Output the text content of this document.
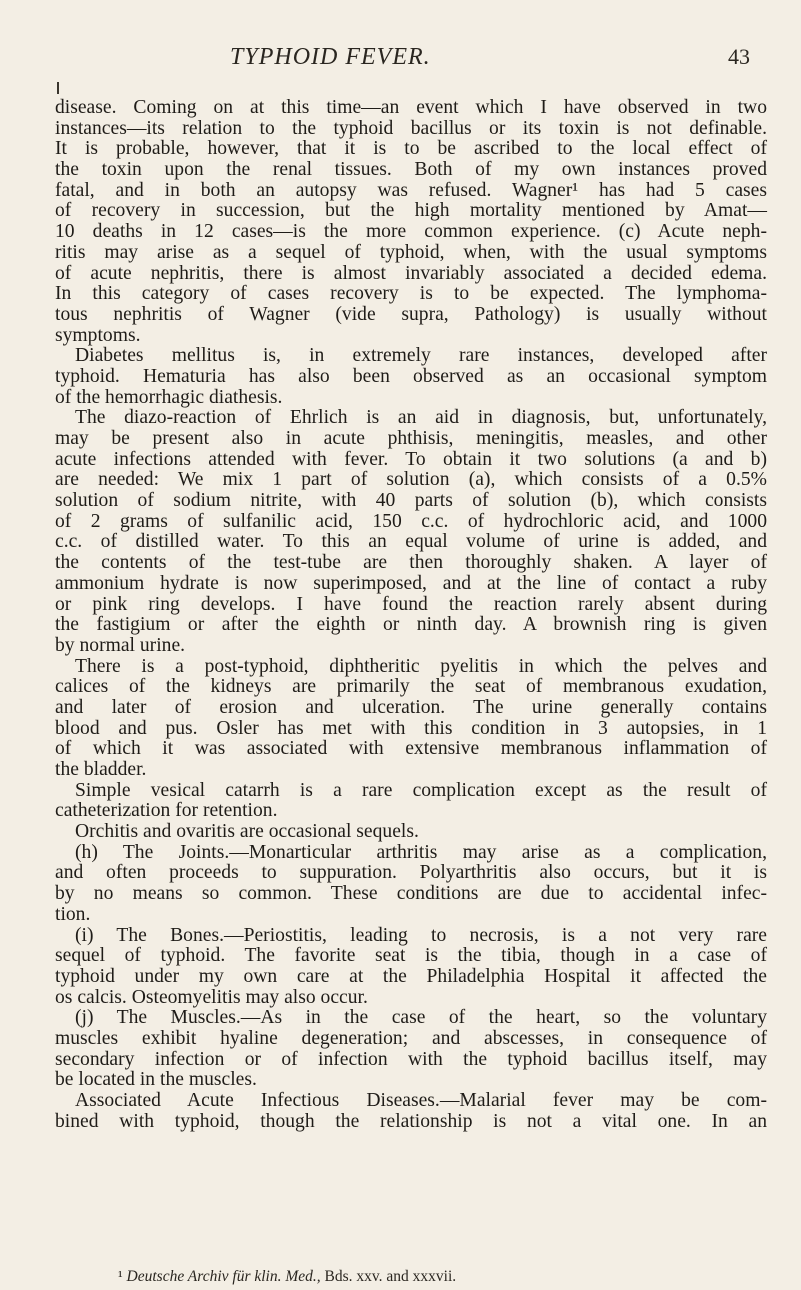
TYPHOID FEVER.	43
disease. Coming on at this time—an event which I have observed in two
instances—its relation to the typhoid bacillus or its toxin is not definable.
It is probable, however, that it is to be ascribed to the local effect of
the toxin upon the renal tissues. Both of my own instances proved
fatal, and in both an autopsy was refused. Wagner¹ has had 5 cases
of recovery in succession, but the high mortality mentioned by Amat—
10 deaths in 12 cases—is the more common experience. (c) Acute neph-
ritis may arise as a sequel of typhoid, when, with the usual symptoms
of acute nephritis, there is almost invariably associated a decided edema.
In this category of cases recovery is to be expected. The lymphoma-
tous nephritis of Wagner (vide supra, Pathology) is usually without
symptoms.
Diabetes mellitus is, in extremely rare instances, developed after
typhoid. Hematuria has also been observed as an occasional symptom
of the hemorrhagic diathesis.
The diazo-reaction of Ehrlich is an aid in diagnosis, but, unfortunately,
may be present also in acute phthisis, meningitis, measles, and other
acute infections attended with fever. To obtain it two solutions (a and b)
are needed: We mix 1 part of solution (a), which consists of a 0.5%
solution of sodium nitrite, with 40 parts of solution (b), which consists
of 2 grams of sulfanilic acid, 150 c.c. of hydrochloric acid, and 1000
c.c. of distilled water. To this an equal volume of urine is added, and
the contents of the test-tube are then thoroughly shaken. A layer of
ammonium hydrate is now superimposed, and at the line of contact a ruby
or pink ring develops. I have found the reaction rarely absent during
the fastigium or after the eighth or ninth day. A brownish ring is given
by normal urine.
There is a post-typhoid, diphtheritic pyelitis in which the pelves and
calices of the kidneys are primarily the seat of membranous exudation,
and later of erosion and ulceration. The urine generally contains
blood and pus. Osler has met with this condition in 3 autopsies, in 1
of which it was associated with extensive membranous inflammation of
the bladder.
Simple vesical catarrh is a rare complication except as the result of
catheterization for retention.
Orchitis and ovaritis are occasional sequels.
(h) The Joints.—Monarticular arthritis may arise as a complication,
and often proceeds to suppuration. Polyarthritis also occurs, but it is
by no means so common. These conditions are due to accidental infec-
tion.
(i) The Bones.—Periostitis, leading to necrosis, is a not very rare
sequel of typhoid. The favorite seat is the tibia, though in a case of
typhoid under my own care at the Philadelphia Hospital it affected the
os calcis. Osteomyelitis may also occur.
(j) The Muscles.—As in the case of the heart, so the voluntary
muscles exhibit hyaline degeneration; and abscesses, in consequence of
secondary infection or of infection with the typhoid bacillus itself, may
be located in the muscles.
Associated Acute Infectious Diseases.—Malarial fever may be com-
bined with typhoid, though the relationship is not a vital one. In an
¹ Deutsche Archiv für klin. Med., Bds. xxv. and xxxvii.
